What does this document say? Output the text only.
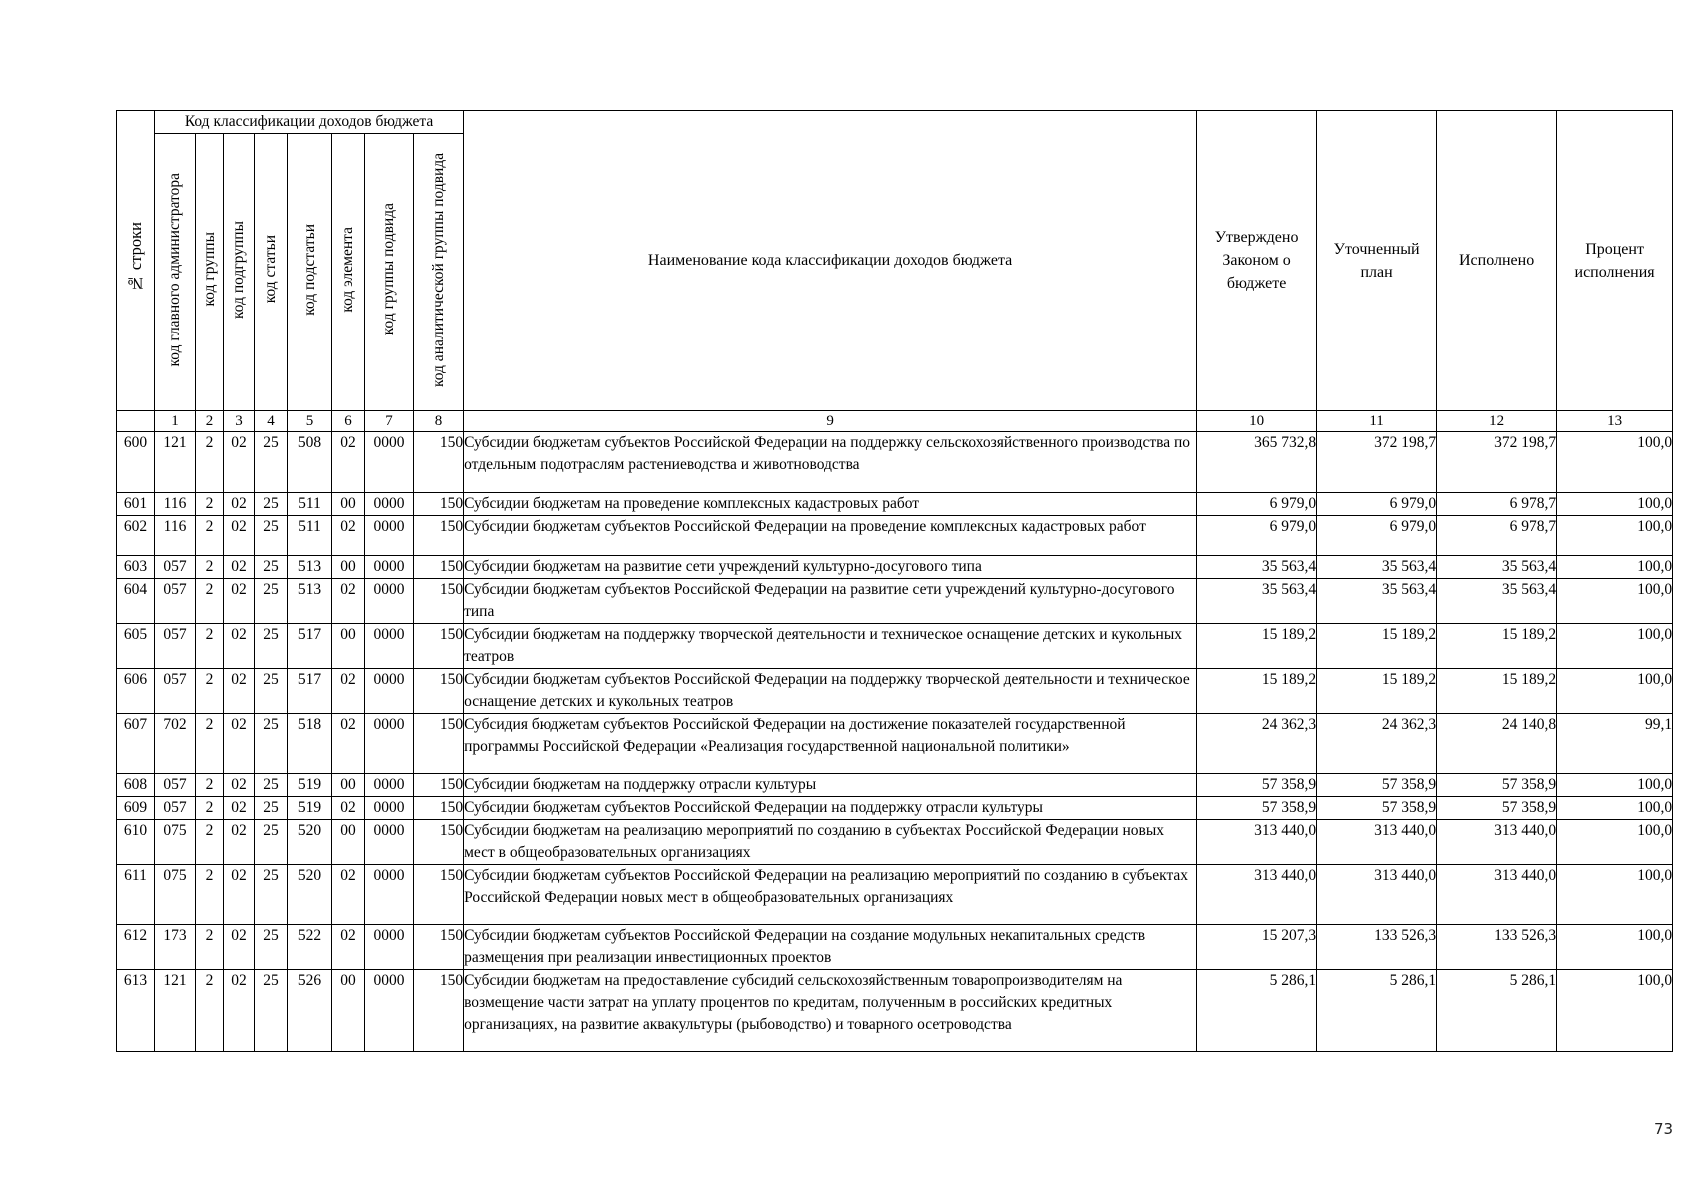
№ строки	Код классификации доходов бюджета								Наименование кода классификации доходов бюджета	Утверждено Законом о бюджете	Уточненный план	Исполнено	Процент исполнения
	код главного администратора	код группы	код подгруппы	код статьи	код подстатьи	код элемента	код группы подвида	код аналитической группы подвида					
	1	2	3	4	5	6	7	8	9	10	11	12	13
600	121	2	02	25	508	02	0000	150	Субсидии бюджетам субъектов Российской Федерации на поддержку сельскохозяйственного производства по отдельным подотраслям растениеводства и животноводства	365 732,8	372 198,7	372 198,7	100,0
601	116	2	02	25	511	00	0000	150	Субсидии бюджетам на проведение комплексных кадастровых работ	6 979,0	6 979,0	6 978,7	100,0
602	116	2	02	25	511	02	0000	150	Субсидии бюджетам субъектов Российской Федерации на проведение комплексных кадастровых работ	6 979,0	6 979,0	6 978,7	100,0
603	057	2	02	25	513	00	0000	150	Субсидии бюджетам на развитие сети учреждений культурно-досугового типа	35 563,4	35 563,4	35 563,4	100,0
604	057	2	02	25	513	02	0000	150	Субсидии бюджетам субъектов Российской Федерации на развитие сети учреждений культурно-досугового типа	35 563,4	35 563,4	35 563,4	100,0
605	057	2	02	25	517	00	0000	150	Субсидии бюджетам на поддержку творческой деятельности и техническое оснащение детских и кукольных театров	15 189,2	15 189,2	15 189,2	100,0
606	057	2	02	25	517	02	0000	150	Субсидии бюджетам субъектов Российской Федерации на поддержку творческой деятельности и техническое оснащение детских и кукольных театров	15 189,2	15 189,2	15 189,2	100,0
607	702	2	02	25	518	02	0000	150	Субсидия бюджетам субъектов Российской Федерации на достижение показателей государственной программы Российской Федерации «Реализация государственной национальной политики»	24 362,3	24 362,3	24 140,8	99,1
608	057	2	02	25	519	00	0000	150	Субсидии бюджетам на поддержку отрасли культуры	57 358,9	57 358,9	57 358,9	100,0
609	057	2	02	25	519	02	0000	150	Субсидии бюджетам субъектов Российской Федерации на поддержку отрасли культуры	57 358,9	57 358,9	57 358,9	100,0
610	075	2	02	25	520	00	0000	150	Субсидии бюджетам на реализацию мероприятий по созданию в субъектах Российской Федерации новых мест в общеобразовательных организациях	313 440,0	313 440,0	313 440,0	100,0
611	075	2	02	25	520	02	0000	150	Субсидии бюджетам субъектов Российской Федерации на реализацию мероприятий по созданию в субъектах Российской Федерации новых мест в общеобразовательных организациях	313 440,0	313 440,0	313 440,0	100,0
612	173	2	02	25	522	02	0000	150	Субсидии бюджетам субъектов Российской Федерации на создание модульных некапитальных средств размещения при реализации инвестиционных проектов	15 207,3	133 526,3	133 526,3	100,0
613	121	2	02	25	526	00	0000	150	Субсидии бюджетам на предоставление субсидий сельскохозяйственным товаропроизводителям на возмещение части затрат на уплату процентов по кредитам, полученным в российских кредитных организациях, на развитие аквакультуры (рыбоводство) и товарного осетроводства	5 286,1	5 286,1	5 286,1	100,0
73
